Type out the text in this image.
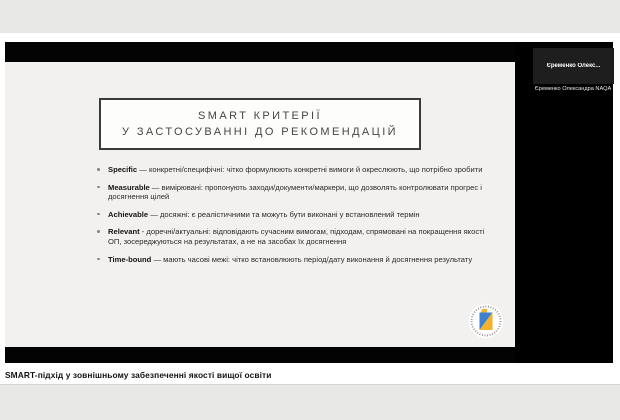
SMART КРИТЕРІЇ
У ЗАСТОСУВАННІ ДО РЕКОМЕНДАЦІЙ
Specific — конкретні/специфічні: чітко формулюють конкретні вимоги й окреслюють, що потрібно зробити
Measurable — вимірювані: пропонують заходи/документи/маркери, що дозволять контролювати прогрес і досягнення цілей
Achievable — досяжні: є реалістичними та можуть бути виконані у встановлений термін
Relevant - доречні/актуальні: відповідають сучасним вимогам, підходам, спрямовані на покращення якості ОП, зосереджуються на результатах, а не на засобах їх досягнення
Time-bound — мають часові межі: чітко встановлюють період/дату виконання й досягнення результату
Єременко Олекс...
Єременко Олександра NAQA
SMART-підхід у зовнішньому забезпеченні якості вищої освіти
